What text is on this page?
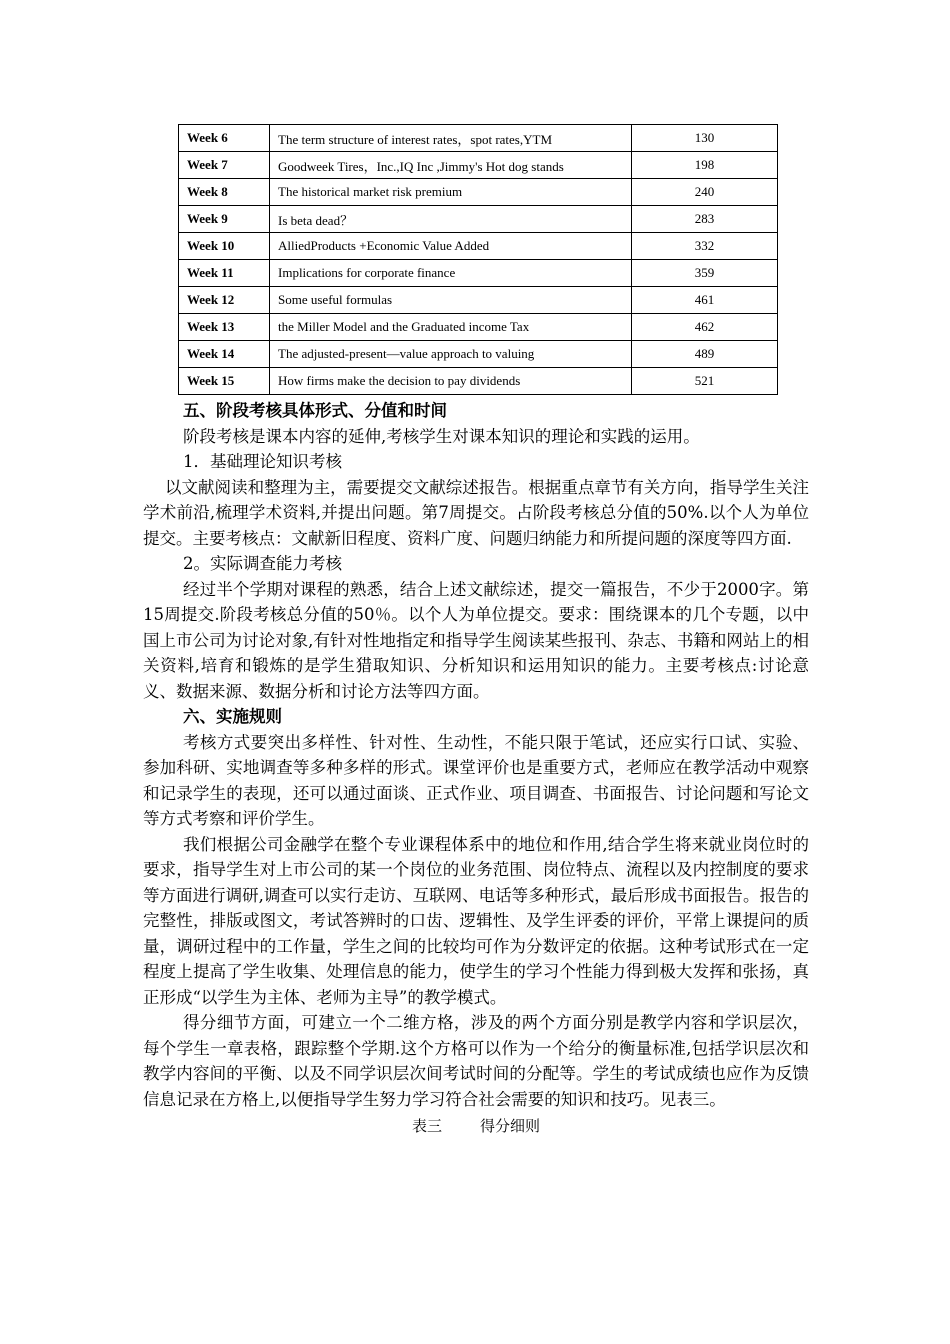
Week 6	The term structure of interest rates，spot rates,YTM	130
Week 7	Goodweek Tires，Inc.,IQ Inc ,Jimmy's Hot dog stands	198
Week 8	The historical market risk premium	240
Week 9	Is beta dead？	283
Week 10	AlliedProducts +Economic Value Added	332
Week 11	Implications for corporate finance	359
Week 12	Some useful formulas	461
Week 13	the Miller Model and the Graduated income Tax	462
Week 14	The adjusted-present—value approach to valuing	489
Week 15	How firms make the decision to pay dividends	521

五、阶段考核具体形式、分值和时间

阶段考核是课本内容的延伸,考核学生对课本知识的理论和实践的运用。

1．基础理论知识考核

以文献阅读和整理为主，需要提交文献综述报告。根据重点章节有关方向，指导学生关注学术前沿,梳理学术资料,并提出问题。第7周提交。占阶段考核总分值的50%.以个人为单位提交。主要考核点：文献新旧程度、资料广度、问题归纳能力和所提问题的深度等四方面.

2。实际调查能力考核

经过半个学期对课程的熟悉，结合上述文献综述，提交一篇报告，不少于2000字。第15周提交.阶段考核总分值的50％。以个人为单位提交。要求：围绕课本的几个专题，以中国上市公司为讨论对象,有针对性地指定和指导学生阅读某些报刊、杂志、书籍和网站上的相关资料,培育和锻炼的是学生猎取知识、分析知识和运用知识的能力。主要考核点:讨论意义、数据来源、数据分析和讨论方法等四方面。

六、实施规则

考核方式要突出多样性、针对性、生动性，不能只限于笔试，还应实行口试、实验、参加科研、实地调查等多种多样的形式。课堂评价也是重要方式，老师应在教学活动中观察和记录学生的表现，还可以通过面谈、正式作业、项目调查、书面报告、讨论问题和写论文等方式考察和评价学生。

我们根据公司金融学在整个专业课程体系中的地位和作用,结合学生将来就业岗位时的要求，指导学生对上市公司的某一个岗位的业务范围、岗位特点、流程以及内控制度的要求等方面进行调研,调查可以实行走访、互联网、电话等多种形式，最后形成书面报告。报告的完整性，排版或图文，考试答辨时的口齿、逻辑性、及学生评委的评价，平常上课提问的质量，调研过程中的工作量，学生之间的比较均可作为分数评定的依据。这种考试形式在一定程度上提高了学生收集、处理信息的能力，使学生的学习个性能力得到极大发挥和张扬，真正形成“以学生为主体、老师为主导”的教学模式。

得分细节方面，可建立一个二维方格，涉及的两个方面分别是教学内容和学识层次，每个学生一章表格，跟踪整个学期.这个方格可以作为一个给分的衡量标准,包括学识层次和教学内容间的平衡、以及不同学识层次间考试时间的分配等。学生的考试成绩也应作为反馈信息记录在方格上,以便指导学生努力学习符合社会需要的知识和技巧。见表三。

表三	得分细则
